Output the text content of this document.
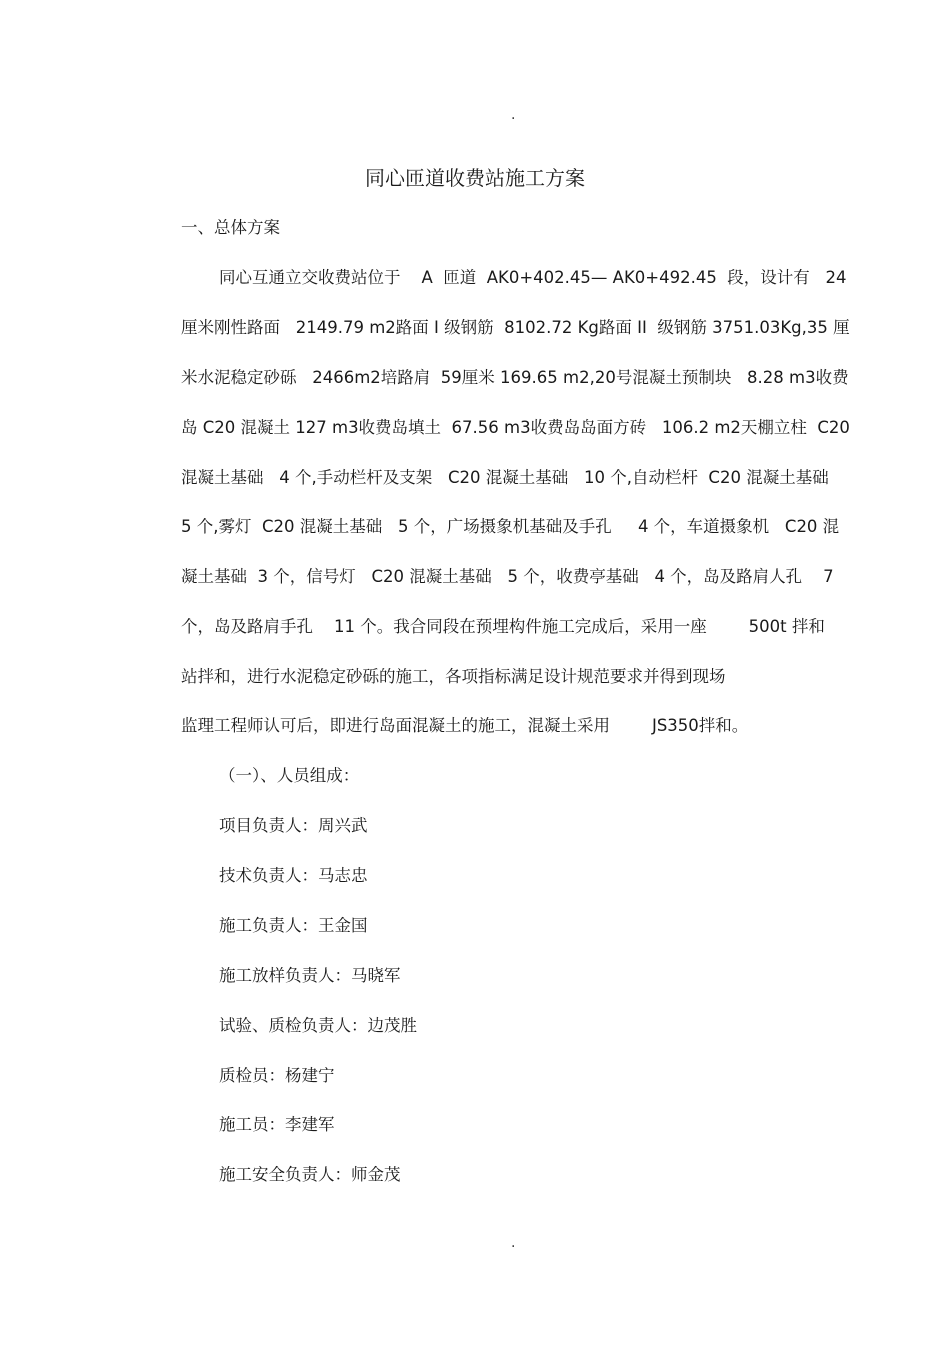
.
同心匝道收费站施工方案
一、总体方案
同心互通立交收费站位于    A  匝道  AK0+402.45— AK0+492.45  段，设计有   24
厘米刚性路面   2149.79 m2路面 I 级钢筋  8102.72 Kg路面 II  级钢筋 3751.03Kg,35 厘
米水泥稳定砂砾   2466m2培路肩  59厘米 169.65 m2,20号混凝土预制块   8.28 m3收费
岛 C20 混凝土 127 m3收费岛填土  67.56 m3收费岛岛面方砖   106.2 m2天棚立柱  C20
混凝土基础   4 个,手动栏杆及支架   C20 混凝土基础   10 个,自动栏杆  C20 混凝土基础
5 个,雾灯  C20 混凝土基础   5 个，广场摄象机基础及手孔     4 个，车道摄象机   C20 混
凝土基础  3 个，信号灯   C20 混凝土基础   5 个，收费亭基础   4 个，岛及路肩人孔    7
个，岛及路肩手孔    11 个。我合同段在预埋构件施工完成后，采用一座        500t 拌和
站拌和，进行水泥稳定砂砾的施工，各项指标满足设计规范要求并得到现场
监理工程师认可后，即进行岛面混凝土的施工，混凝土采用        JS350拌和。
（一）、人员组成：
项目负责人：周兴武
技术负责人：马志忠
施工负责人：王金国
施工放样负责人：马晓军
试验、质检负责人：边茂胜
质检员：杨建宁
施工员：李建军
施工安全负责人：师金茂
.
